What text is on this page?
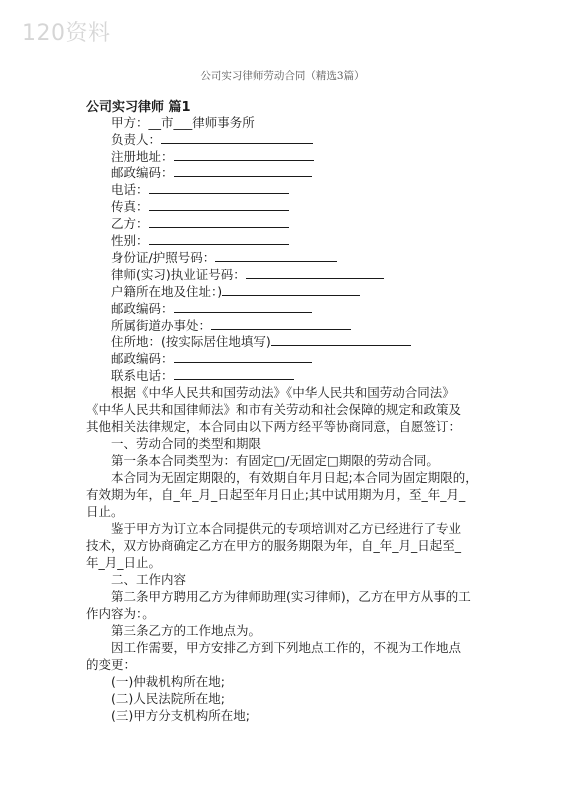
120资料
公司实习律师劳动合同（精选3篇）
公司实习律师 篇1
甲方：__市___律师事务所
负责人：
注册地址：
邮政编码：
电话：
传真：
乙方：
性别：
身份证/护照号码：
律师(实习)执业证号码：
户籍所在地及住址：)
邮政编码：
所属街道办事处：
住所地：(按实际居住地填写)
邮政编码：
联系电话：
根据《中华人民共和国劳动法》《中华人民共和国劳动合同法》
《中华人民共和国律师法》和市有关劳动和社会保障的规定和政策及
其他相关法律规定，本合同由以下两方经平等协商同意，自愿签订：
一、劳动合同的类型和期限
第一条本合同类型为：有固定□/无固定□期限的劳动合同。
本合同为无固定期限的，有效期自年月日起;本合同为固定期限的，
有效期为年，自_年_月_日起至年月日止;其中试用期为月，至_年_月_
日止。
鉴于甲方为订立本合同提供元的专项培训对乙方已经进行了专业
技术，双方协商确定乙方在甲方的服务期限为年，自_年_月_日起至_
年_月_日止。
二、工作内容
第二条甲方聘用乙方为律师助理(实习律师)，乙方在甲方从事的工
作内容为：。
第三条乙方的工作地点为。
因工作需要，甲方安排乙方到下列地点工作的，不视为工作地点
的变更：
(一)仲裁机构所在地;
(二)人民法院所在地;
(三)甲方分支机构所在地;
